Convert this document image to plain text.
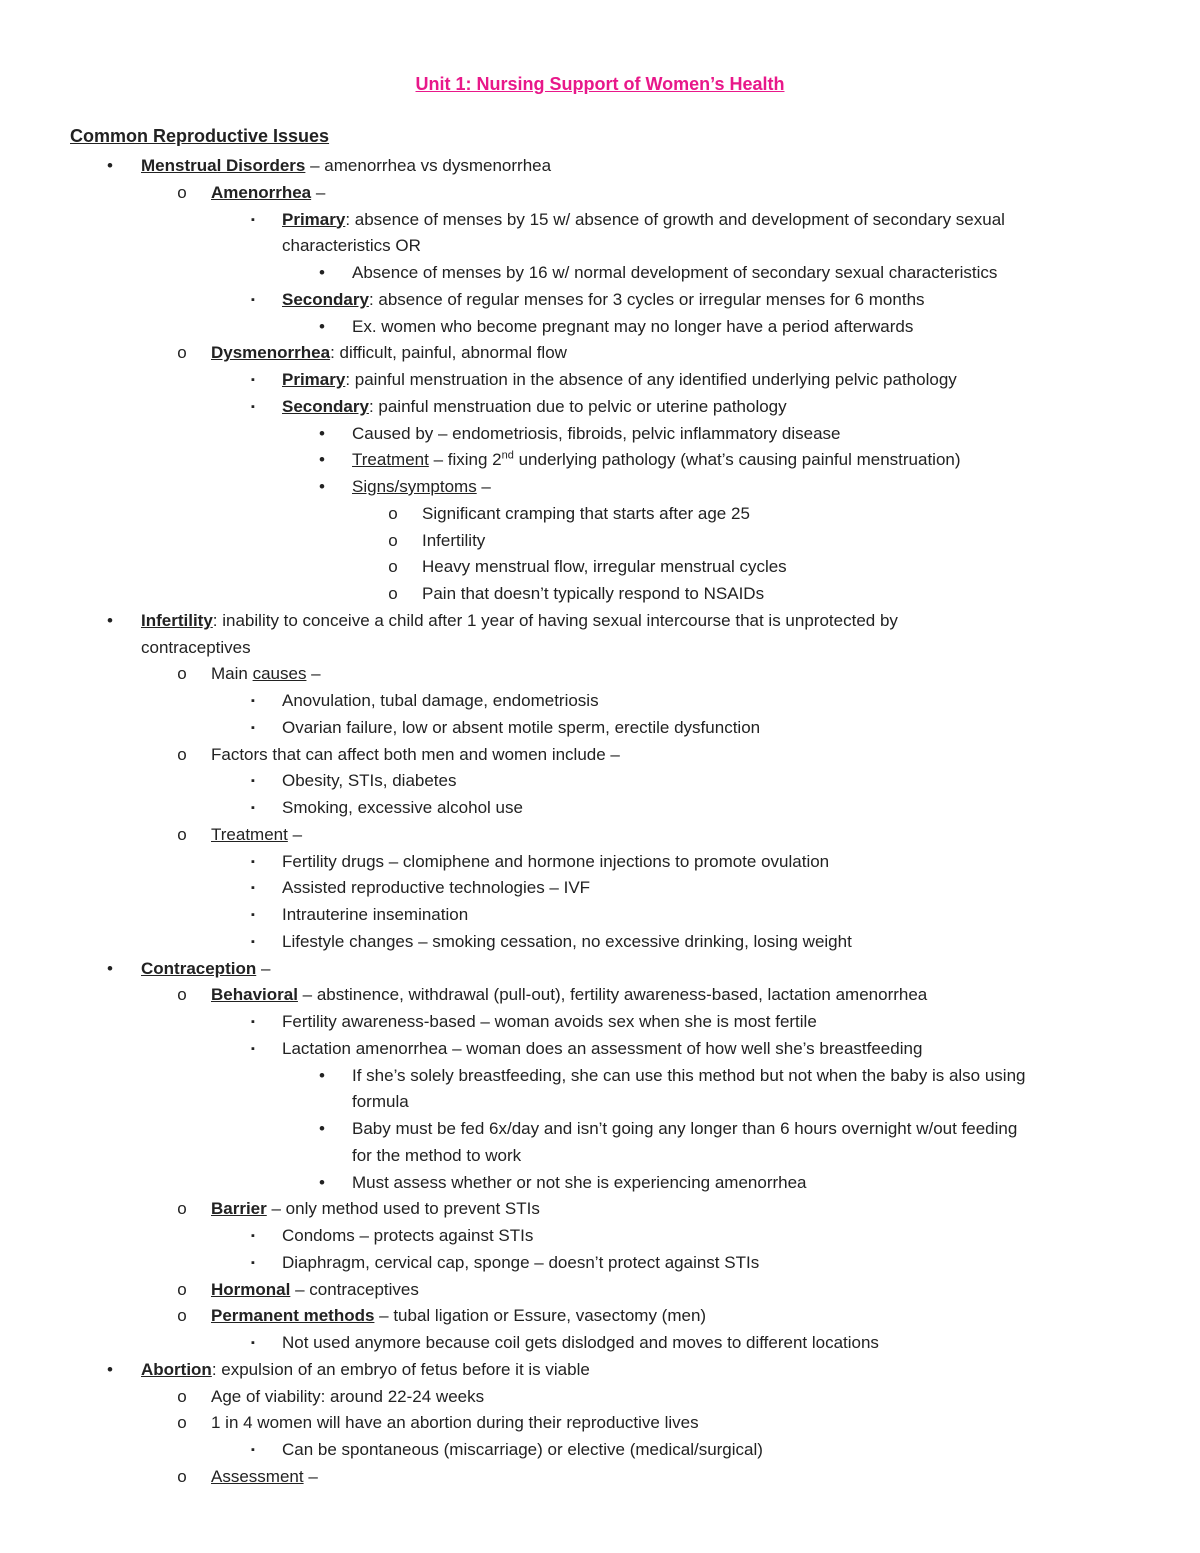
Unit 1: Nursing Support of Women’s Health
Common Reproductive Issues
•	Menstrual Disorders – amenorrhea vs dysmenorrhea
o	Amenorrhea –
▪	Primary: absence of menses by 15 w/ absence of growth and development of secondary sexual
characteristics OR
•	Absence of menses by 16 w/ normal development of secondary sexual characteristics
▪	Secondary: absence of regular menses for 3 cycles or irregular menses for 6 months
•	Ex. women who become pregnant may no longer have a period afterwards
o	Dysmenorrhea: difficult, painful, abnormal flow
▪	Primary: painful menstruation in the absence of any identified underlying pelvic pathology
▪	Secondary: painful menstruation due to pelvic or uterine pathology
•	Caused by – endometriosis, fibroids, pelvic inflammatory disease
•	Treatment – fixing 2nd underlying pathology (what’s causing painful menstruation)
•	Signs/symptoms –
o	Significant cramping that starts after age 25
o	Infertility
o	Heavy menstrual flow, irregular menstrual cycles
o	Pain that doesn’t typically respond to NSAIDs
•	Infertility: inability to conceive a child after 1 year of having sexual intercourse that is unprotected by
contraceptives
o	Main causes –
▪	Anovulation, tubal damage, endometriosis
▪	Ovarian failure, low or absent motile sperm, erectile dysfunction
o	Factors that can affect both men and women include –
▪	Obesity, STIs, diabetes
▪	Smoking, excessive alcohol use
o	Treatment –
▪	Fertility drugs – clomiphene and hormone injections to promote ovulation
▪	Assisted reproductive technologies – IVF
▪	Intrauterine insemination
▪	Lifestyle changes – smoking cessation, no excessive drinking, losing weight
•	Contraception –
o	Behavioral – abstinence, withdrawal (pull-out), fertility awareness-based, lactation amenorrhea
▪	Fertility awareness-based – woman avoids sex when she is most fertile
▪	Lactation amenorrhea – woman does an assessment of how well she’s breastfeeding
•	If she’s solely breastfeeding, she can use this method but not when the baby is also using
formula
•	Baby must be fed 6x/day and isn’t going any longer than 6 hours overnight w/out feeding
for the method to work
•	Must assess whether or not she is experiencing amenorrhea
o	Barrier – only method used to prevent STIs
▪	Condoms – protects against STIs
▪	Diaphragm, cervical cap, sponge – doesn’t protect against STIs
o	Hormonal – contraceptives
o	Permanent methods – tubal ligation or Essure, vasectomy (men)
▪	Not used anymore because coil gets dislodged and moves to different locations
•	Abortion: expulsion of an embryo of fetus before it is viable
o	Age of viability: around 22-24 weeks
o	1 in 4 women will have an abortion during their reproductive lives
▪	Can be spontaneous (miscarriage) or elective (medical/surgical)
o	Assessment –
